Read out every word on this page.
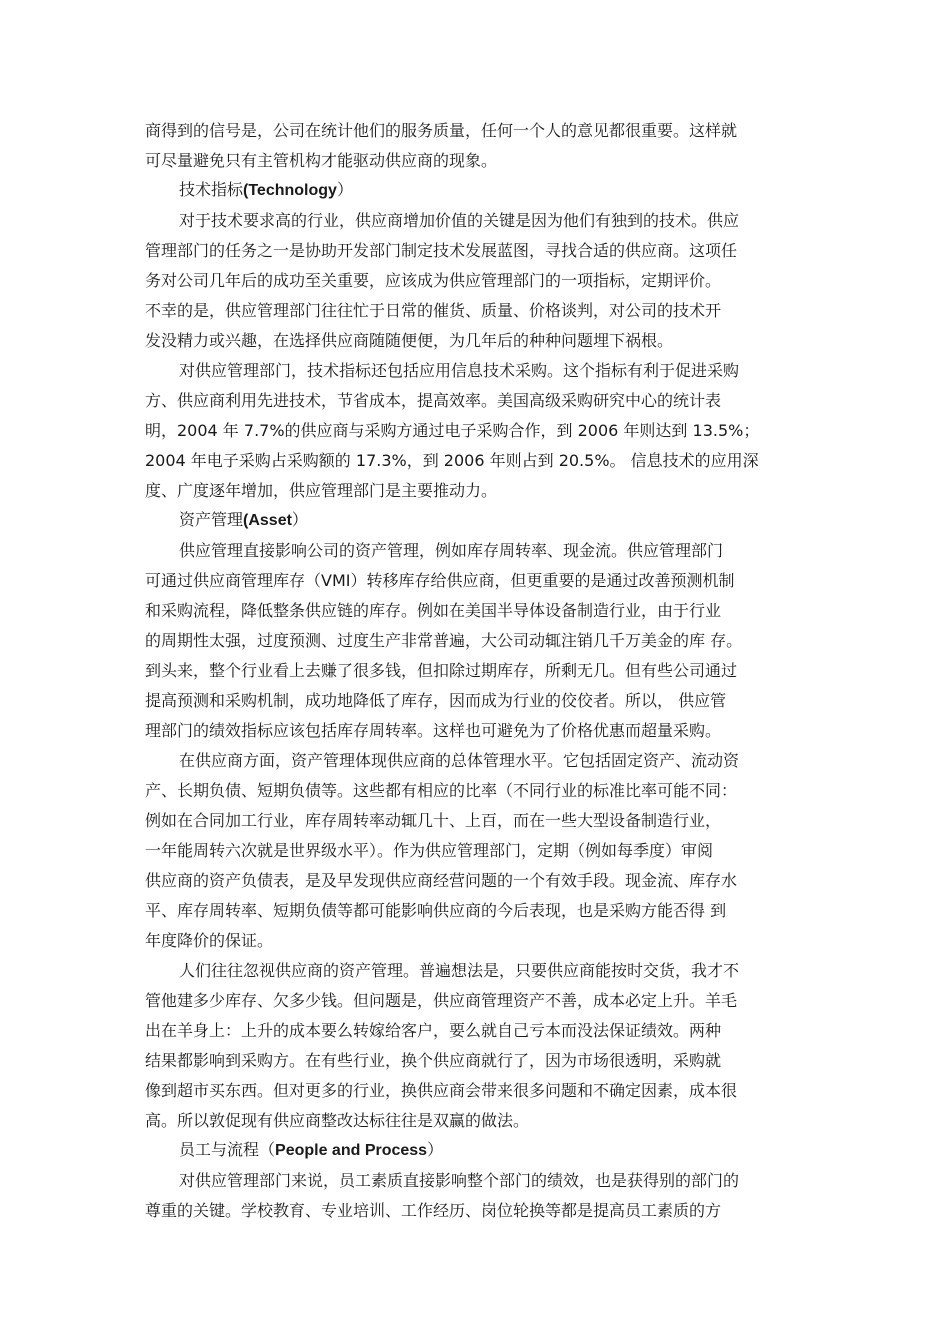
商得到的信号是，公司在统计他们的服务质量，任何一个人的意见都很重要。这样就
可尽量避免只有主管机构才能驱动供应商的现象。
技术指标(Technology）
对于技术要求高的行业，供应商增加价值的关键是因为他们有独到的技术。供应
管理部门的任务之一是协助开发部门制定技术发展蓝图，寻找合适的供应商。这项任
务对公司几年后的成功至关重要，应该成为供应管理部门的一项指标，定期评价。
不幸的是，供应管理部门往往忙于日常的催货、质量、价格谈判，对公司的技术开
发没精力或兴趣，在选择供应商随随便便，为几年后的种种问题埋下祸根。
对供应管理部门，技术指标还包括应用信息技术采购。这个指标有利于促进采购
方、供应商利用先进技术，节省成本，提高效率。美国高级采购研究中心的统计表
明，2004 年 7.7%的供应商与采购方通过电子采购合作，到 2006 年则达到 13.5%；
2004 年电子采购占采购额的 17.3%，到 2006 年则占到 20.5%。 信息技术的应用深
度、广度逐年增加，供应管理部门是主要推动力。
资产管理(Asset）
供应管理直接影响公司的资产管理，例如库存周转率、现金流。供应管理部门
可通过供应商管理库存（VMI）转移库存给供应商，但更重要的是通过改善预测机制
和采购流程，降低整条供应链的库存。例如在美国半导体设备制造行业，由于行业
的周期性太强，过度预测、过度生产非常普遍，大公司动辄注销几千万美金的库 存。
到头来，整个行业看上去赚了很多钱，但扣除过期库存，所剩无几。但有些公司通过
提高预测和采购机制，成功地降低了库存，因而成为行业的佼佼者。所以， 供应管
理部门的绩效指标应该包括库存周转率。这样也可避免为了价格优惠而超量采购。
在供应商方面，资产管理体现供应商的总体管理水平。它包括固定资产、流动资
产、长期负债、短期负债等。这些都有相应的比率（不同行业的标准比率可能不同：
例如在合同加工行业，库存周转率动辄几十、上百，而在一些大型设备制造行业，
一年能周转六次就是世界级水平）。作为供应管理部门，定期（例如每季度）审阅
供应商的资产负债表，是及早发现供应商经营问题的一个有效手段。现金流、库存水
平、库存周转率、短期负债等都可能影响供应商的今后表现，也是采购方能否得 到
年度降价的保证。
人们往往忽视供应商的资产管理。普遍想法是，只要供应商能按时交货，我才不
管他建多少库存、欠多少钱。但问题是，供应商管理资产不善，成本必定上升。羊毛
出在羊身上：上升的成本要么转嫁给客户，要么就自己亏本而没法保证绩效。两种
结果都影响到采购方。在有些行业，换个供应商就行了，因为市场很透明，采购就
像到超市买东西。但对更多的行业，换供应商会带来很多问题和不确定因素，成本很
高。所以敦促现有供应商整改达标往往是双赢的做法。
员工与流程（People and Process）
对供应管理部门来说，员工素质直接影响整个部门的绩效，也是获得别的部门的
尊重的关键。学校教育、专业培训、工作经历、岗位轮换等都是提高员工素质的方
